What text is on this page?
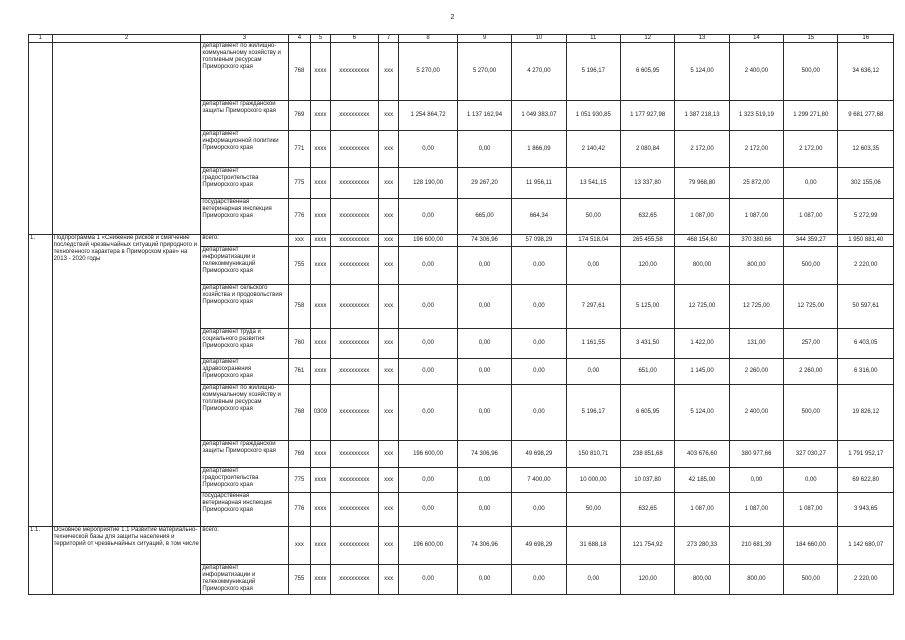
2
1	2	3	4	5	6	7	8	9	10	11	12	13	14	15	16
		департамент по жилищно-коммунальному хозяйству и топливным ресурсам Приморского края	768	хххх	хххххххххх	ххх	5 270,00	5 270,00	4 270,00	5 196,17	6 605,95	5 124,00	2 400,00	500,00	34 636,12
		департамент гражданской защиты Приморского края	769	хххх	хххххххххх	ххх	1 254 864,72	1 137 162,94	1 049 383,07	1 051 930,85	1 177 927,98	1 387 218,13	1 323 519,19	1 299 271,80	9 681 277,68
		департамент информационной политики Приморского края	771	хххх	хххххххххх	ххх	0,00	0,00	1 866,09	2 140,42	2 080,84	2 172,00	2 172,00	2 172,00	12 603,35
		департамент градостроительства Приморского края	775	хххх	хххххххххх	ххх	128 190,00	29 267,20	11 956,11	13 541,15	13 337,80	79 968,80	25 872,00	0,00	302 155,06
		государственная ветеринарная инспекция Приморского края	776	хххх	хххххххххх	ххх	0,00	665,00	664,34	50,00	632,65	1 087,00	1 087,00	1 087,00	5 272,99
1.	Подпрограмма 1 «Снижение рисков и смягчение последствий чрезвычайных ситуаций природного и техногенного характера в Приморском крае» на 2013 - 2020 годы	всего:	ххх	хххх	хххххххххх	ххх	196 600,00	74 306,96	57 098,29	174 518,04	265 455,58	468 154,60	370 380,66	344 359,27	1 950 881,40
		департамент информатизации и телекоммуникаций Приморского края	755	хххх	хххххххххх	ххх	0,00	0,00	0,00	0,00	120,00	800,00	800,00	500,00	2 220,00
		департамент сельского хозяйства и продовольствия Приморского края	758	хххх	хххххххххх	ххх	0,00	0,00	0,00	7 297,61	5 125,00	12 725,00	12 725,00	12 725,00	50 597,61
		департамент труда и социального развития Приморского края	760	хххх	хххххххххх	ххх	0,00	0,00	0,00	1 161,55	3 431,50	1 422,00	131,00	257,00	6 403,05
		департамент здравоохранения Приморского края	761	хххх	хххххххххх	ххх	0,00	0,00	0,00	0,00	651,00	1 145,00	2 260,00	2 260,00	6 316,00
		департамент по жилищно-коммунальному хозяйству и топливным ресурсам Приморского края	768	0309	хххххххххх	ххх	0,00	0,00	0,00	5 196,17	6 605,95	5 124,00	2 400,00	500,00	19 826,12
		департамент гражданской защиты Приморского края	769	хххх	хххххххххх	ххх	196 600,00	74 306,96	49 698,29	150 810,71	238 851,68	403 676,60	380 977,66	327 030,27	1 791 952,17
		департамент градостроительства Приморского края	775	хххх	хххххххххх	ххх	0,00	0,00	7 400,00	10 000,00	10 037,80	42 185,00	0,00	0,00	69 622,80
		государственная ветеринарная инспекция Приморского края	776	хххх	хххххххххх	ххх	0,00	0,00	0,00	50,00	632,65	1 087,00	1 087,00	1 087,00	3 943,65
1.1.	Основное мероприятие 1.1 Развитие материально-технической базы для защиты населения и территорий от чрезвычайных ситуаций, в том числе	всего:	ххх	хххх	хххххххххх	ххх	196 600,00	74 306,96	49 698,29	31 688,18	121 754,92	273 280,33	210 681,39	184 660,00	1 142 680,07
		департамент информатизации и телекоммуникаций Приморского края	755	хххх	хххххххххх	ххх	0,00	0,00	0,00	0,00	120,00	800,00	800,00	500,00	2 220,00
